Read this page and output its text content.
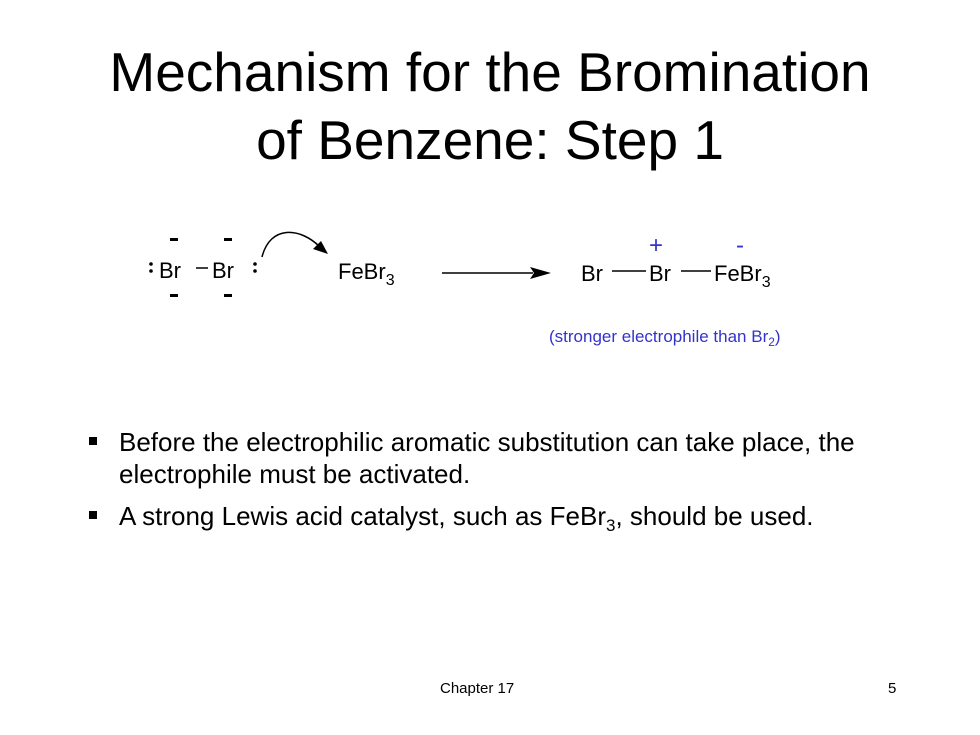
Mechanism for the Bromination
of Benzene: Step 1
Br Br	FeBr$_3$
+	-
Br Br FeBr$_3$
(stronger electrophile than $Br_2$)
Before the electrophilic aromatic substitution can take place, the electrophile must be activated.
A strong Lewis acid catalyst, such as FeBr$_3$, should be used.
Chapter 17	5
